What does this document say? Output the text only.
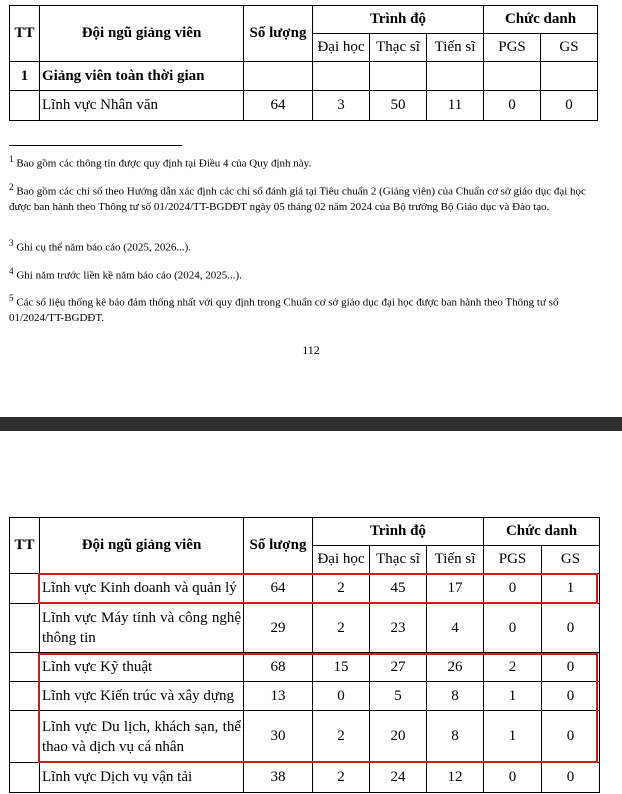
TT	Đội ngũ giảng viên	Số lượng	Trình độ			Chức danh	
			Đại học	Thạc sĩ	Tiến sĩ	PGS	GS
1	Giảng viên toàn thời gian						
	Lĩnh vực Nhân văn	64	3	50	11	0	0
$^1$ Bao gồm các thông tin được quy định tại Điều 4 của Quy định này.
$^2$ Bao gồm các chỉ số theo Hướng dẫn xác định các chỉ số đánh giá tại Tiêu chuẩn 2 (Giảng viên) của Chuẩn cơ sở giáo dục đại học được ban hành theo Thông tư số 01/2024/TT-BGDĐT ngày 05 tháng 02 năm 2024 của Bộ trưởng Bộ Giáo dục và Đào tạo.
$^3$ Ghi cụ thể năm báo cáo (2025, 2026...).
$^4$ Ghi năm trước liền kề năm báo cáo (2024, 2025...).
$^5$ Các số liệu thống kê bảo đảm thống nhất với quy định trong Chuẩn cơ sở giáo dục đại học được ban hành theo Thông tư số 01/2024/TT-BGDĐT.
112
TT	Đội ngũ giảng viên	Số lượng	Trình độ			Chức danh	
			Đại học	Thạc sĩ	Tiến sĩ	PGS	GS
	Lĩnh vực Kinh doanh và quản lý	64	2	45	17	0	1
	Lĩnh vực Máy tính và công nghệ thông tin	29	2	23	4	0	0
	Lĩnh vực Kỹ thuật	68	15	27	26	2	0
	Lĩnh vực Kiến trúc và xây dựng	13	0	5	8	1	0
	Lĩnh vực Du lịch, khách sạn, thể thao và dịch vụ cá nhân	30	2	20	8	1	0
	Lĩnh vực Dịch vụ vận tải	38	2	24	12	0	0
